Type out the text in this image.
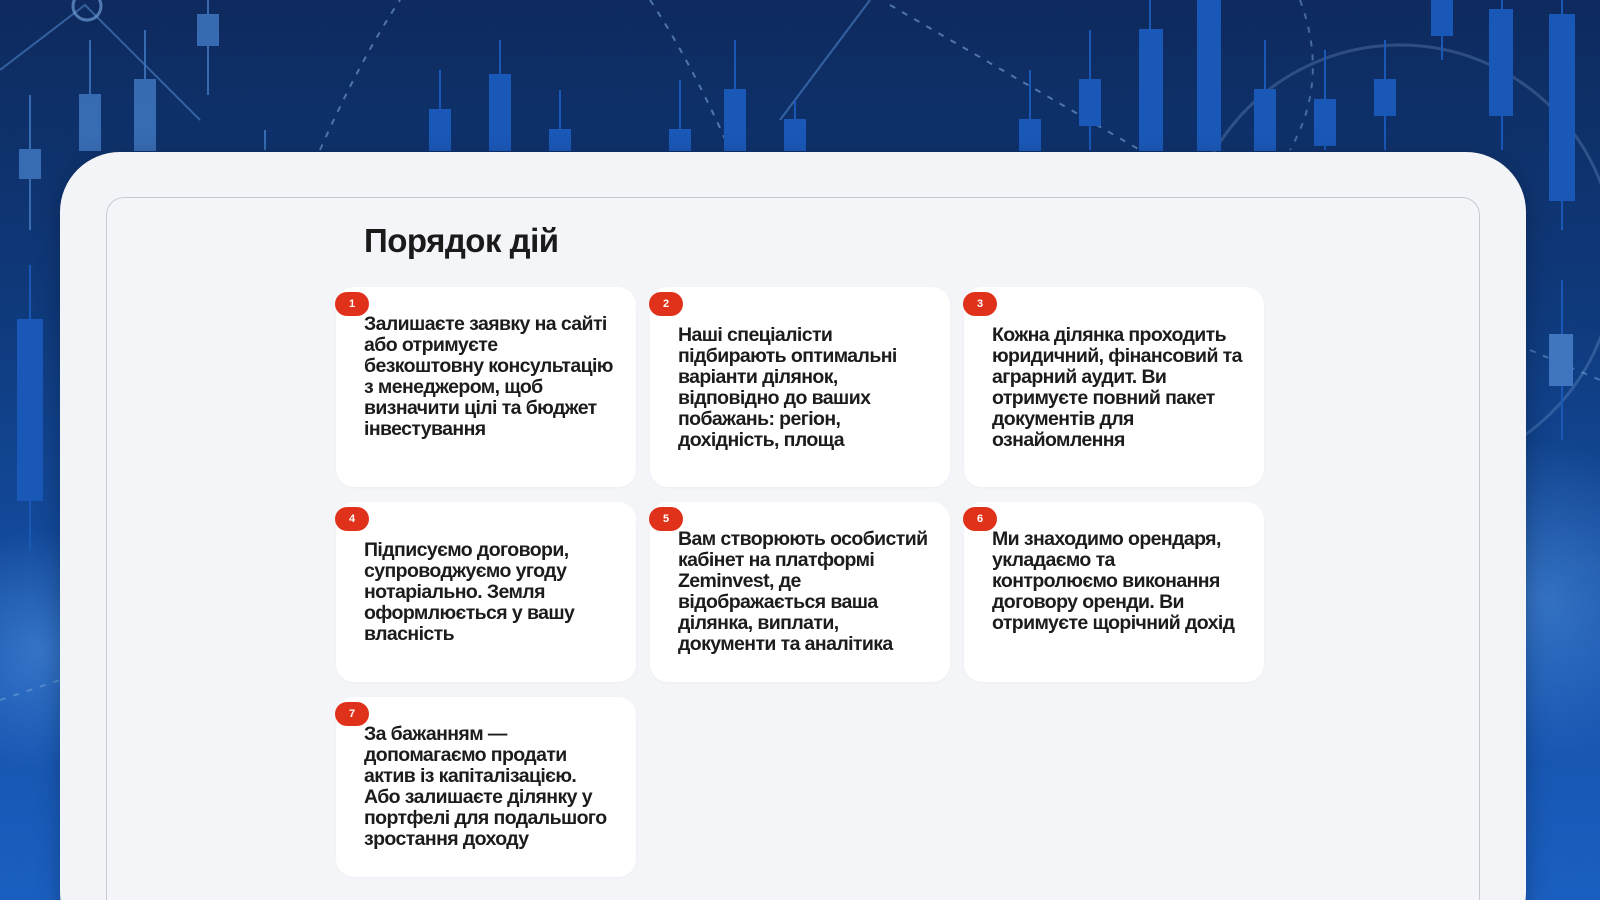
Порядок дій
1

Залишаєте заявку на сайті або отримуєте безкоштовну консультацію з менеджером, щоб визначити цілі та бюджет інвестування

2

Наші спеціалісти підбирають оптимальні варіанти ділянок, відповідно до ваших побажань: регіон, дохідність, площа

3

Кожна ділянка проходить юридичний, фінансовий та аграрний аудит. Ви отримуєте повний пакет документів для ознайомлення

4

Підписуємо договори, супроводжуємо угоду нотаріально. Земля оформлюється у вашу власність

5

Вам створюють особистий кабінет на платформі Zeminvest, де відображається ваша ділянка, виплати, документи та аналітика

6

Ми знаходимо орендаря, укладаємо та контролюємо виконання договору оренди. Ви отримуєте щорічний дохід

7

За бажанням — допомагаємо продати актив із капіталізацією. Або залишаєте ділянку у портфелі для подальшого зростання доходу
